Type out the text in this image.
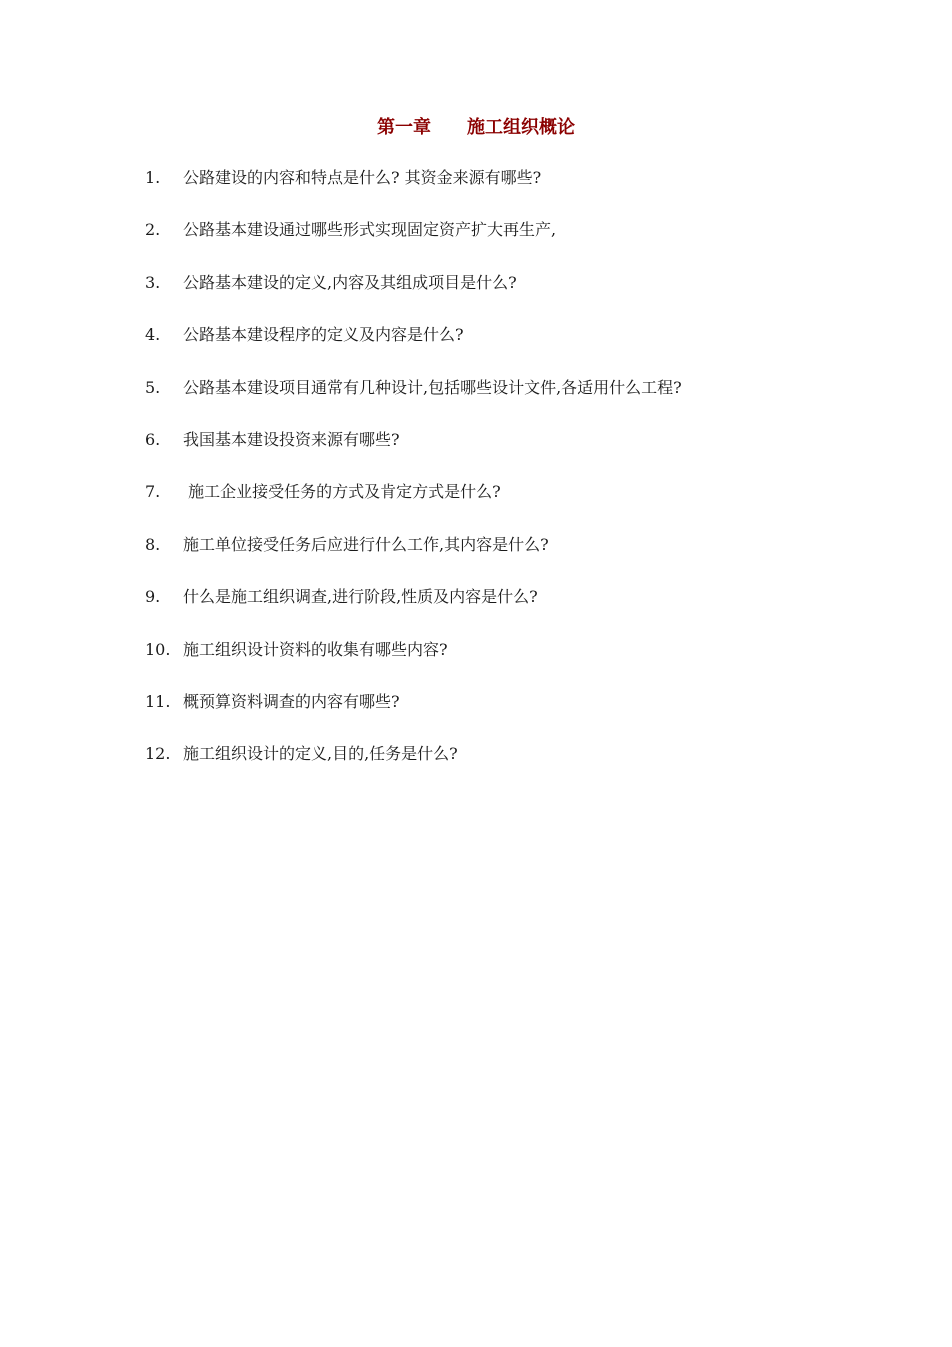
第一章　　施工组织概论
1.	公路建设的内容和特点是什么? 其资金来源有哪些?
2.	公路基本建设通过哪些形式实现固定资产扩大再生产,
3.	公路基本建设的定义,内容及其组成项目是什么?
4.	公路基本建设程序的定义及内容是什么?
5.	公路基本建设项目通常有几种设计,包括哪些设计文件,各适用什么工程?
6.	我国基本建设投资来源有哪些?
7.	施工企业接受任务的方式及肯定方式是什么?
8.	施工单位接受任务后应进行什么工作,其内容是什么?
9.	什么是施工组织调查,进行阶段,性质及内容是什么?
10. 施工组织设计资料的收集有哪些内容?
11. 概预算资料调查的内容有哪些?
12. 施工组织设计的定义,目的,任务是什么?
